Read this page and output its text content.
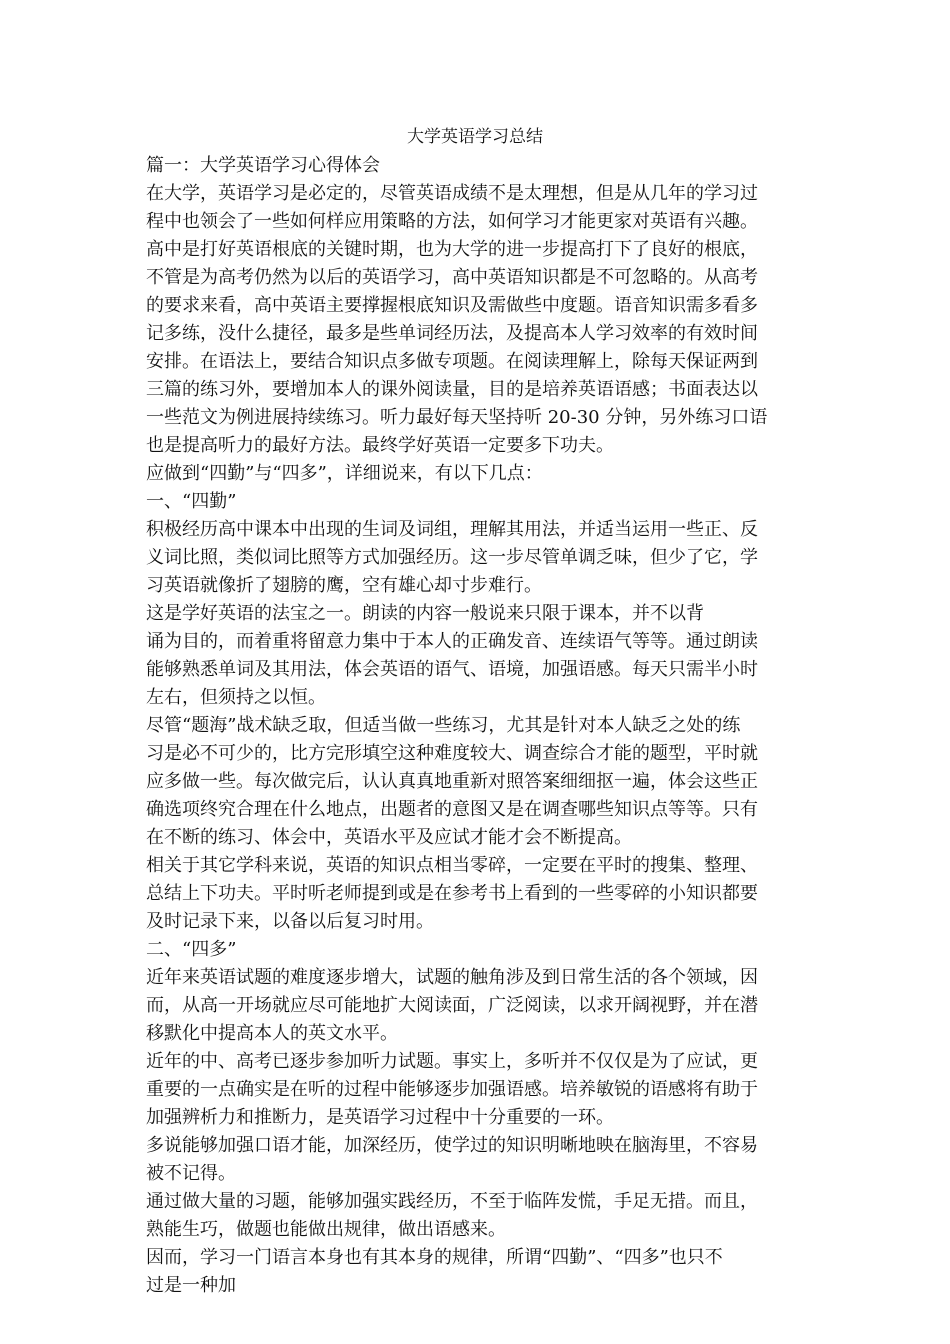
大学英语学习总结
篇一：大学英语学习心得体会
在大学，英语学习是必定的，尽管英语成绩不是太理想，但是从几年的学习过
程中也领会了一些如何样应用策略的方法，如何学习才能更家对英语有兴趣。
高中是打好英语根底的关键时期，也为大学的进一步提高打下了良好的根底，
不管是为高考仍然为以后的英语学习，高中英语知识都是不可忽略的。从高考
的要求来看，高中英语主要撑握根底知识及需做些中度题。语音知识需多看多
记多练，没什么捷径，最多是些单词经历法，及提高本人学习效率的有效时间
安排。在语法上，要结合知识点多做专项题。在阅读理解上，除每天保证两到
三篇的练习外，要增加本人的课外阅读量，目的是培养英语语感；书面表达以
一些范文为例进展持续练习。听力最好每天坚持听 20-30 分钟，另外练习口语
也是提高听力的最好方法。最终学好英语一定要多下功夫。
应做到“四勤”与“四多”，详细说来，有以下几点：
一、“四勤”
积极经历高中课本中出现的生词及词组，理解其用法，并适当运用一些正、反
义词比照，类似词比照等方式加强经历。这一步尽管单调乏味，但少了它，学
习英语就像折了翅膀的鹰，空有雄心却寸步难行。
这是学好英语的法宝之一。朗读的内容一般说来只限于课本，并不以背
诵为目的，而着重将留意力集中于本人的正确发音、连续语气等等。通过朗读
能够熟悉单词及其用法，体会英语的语气、语境，加强语感。每天只需半小时
左右，但须持之以恒。
尽管“题海”战术缺乏取，但适当做一些练习，尤其是针对本人缺乏之处的练
习是必不可少的，比方完形填空这种难度较大、调查综合才能的题型，平时就
应多做一些。每次做完后，认认真真地重新对照答案细细抠一遍，体会这些正
确选项终究合理在什么地点，出题者的意图又是在调查哪些知识点等等。只有
在不断的练习、体会中，英语水平及应试才能才会不断提高。
相关于其它学科来说，英语的知识点相当零碎，一定要在平时的搜集、整理、
总结上下功夫。平时听老师提到或是在参考书上看到的一些零碎的小知识都要
及时记录下来，以备以后复习时用。
二、“四多”
近年来英语试题的难度逐步增大，试题的触角涉及到日常生活的各个领域，因
而，从高一开场就应尽可能地扩大阅读面，广泛阅读，以求开阔视野，并在潜
移默化中提高本人的英文水平。
近年的中、高考已逐步参加听力试题。事实上，多听并不仅仅是为了应试，更
重要的一点确实是在听的过程中能够逐步加强语感。培养敏锐的语感将有助于
加强辨析力和推断力，是英语学习过程中十分重要的一环。
多说能够加强口语才能，加深经历，使学过的知识明晰地映在脑海里，不容易
被不记得。
通过做大量的习题，能够加强实践经历，不至于临阵发慌，手足无措。而且，
熟能生巧，做题也能做出规律，做出语感来。
因而，学习一门语言本身也有其本身的规律，所谓“四勤”、“四多”也只不
过是一种加
